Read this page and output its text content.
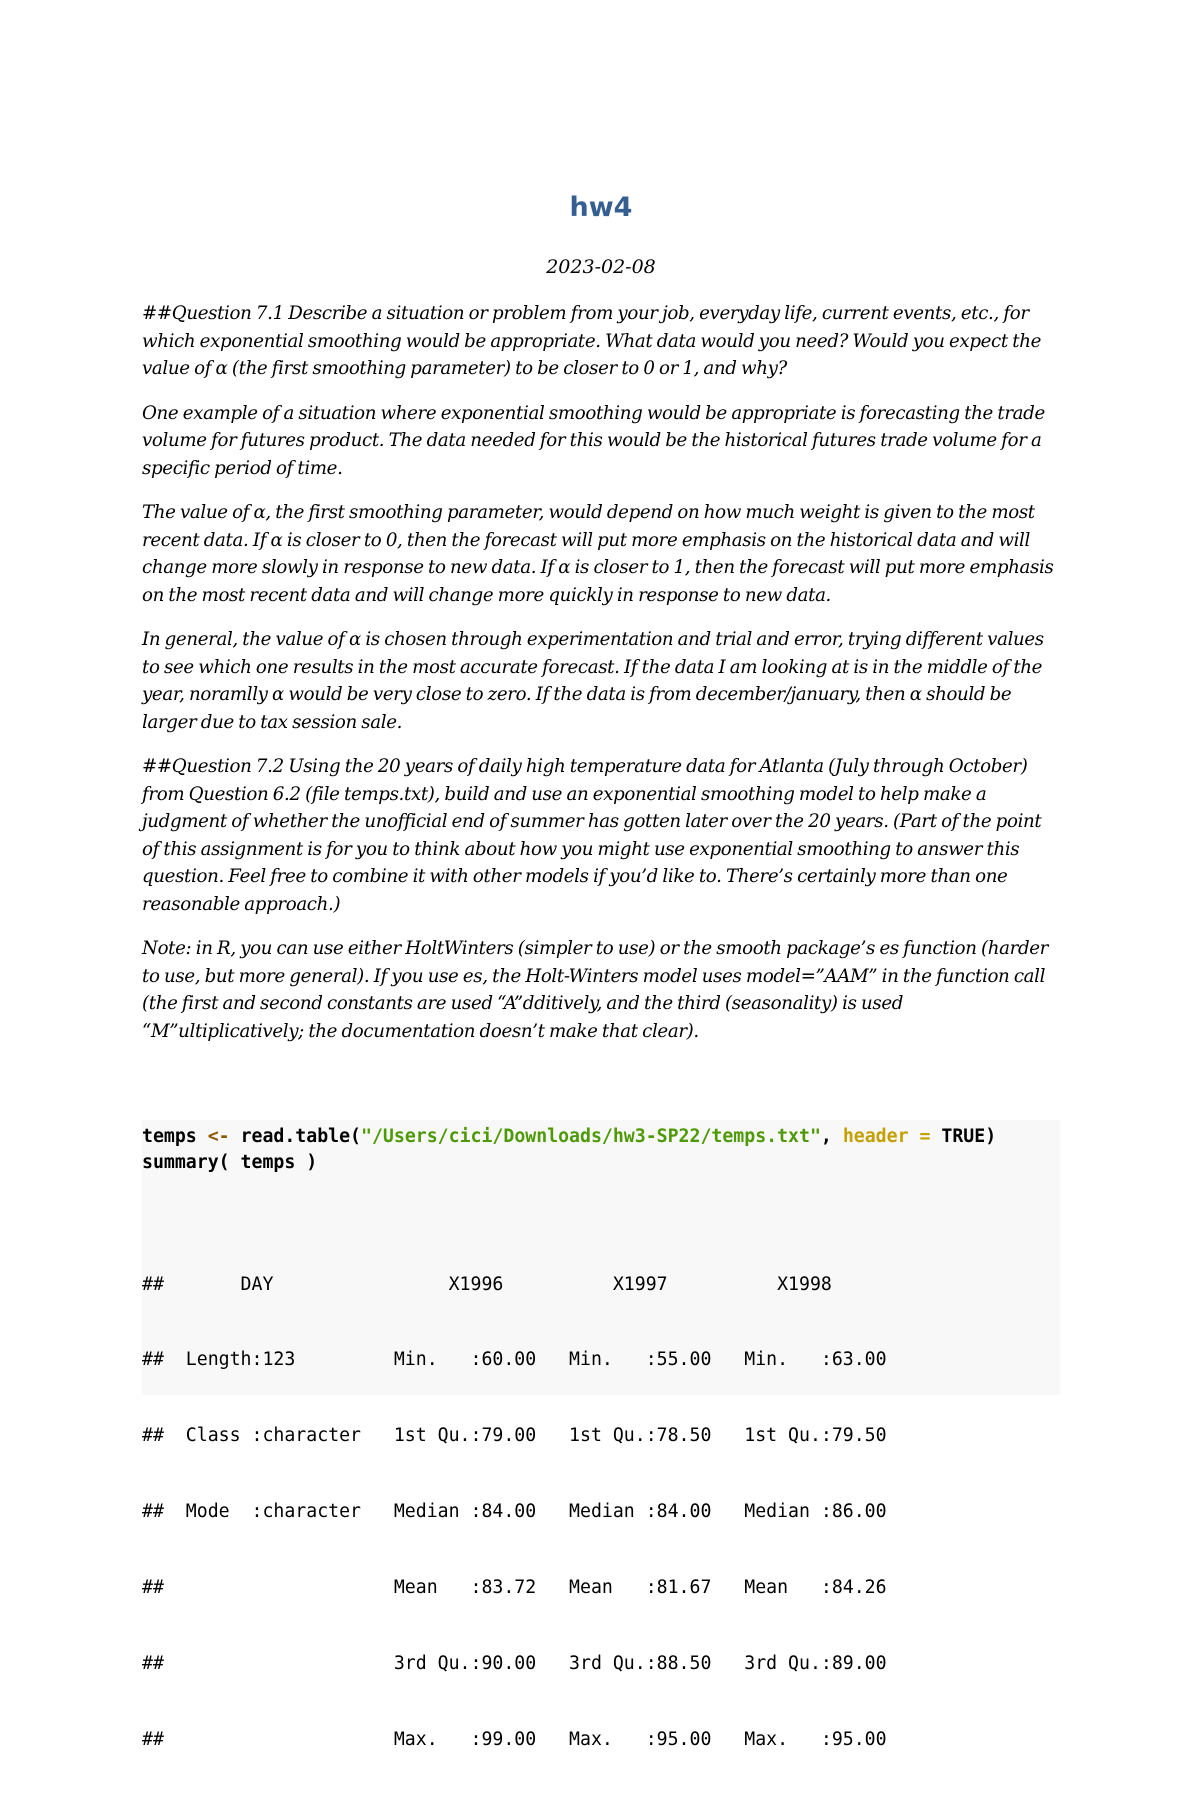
hw4
2023-02-08

##Question 7.1 Describe a situation or problem from your job, everyday life, current events, etc., for which exponential smoothing would be appropriate. What data would you need? Would you expect the value of α (the first smoothing parameter) to be closer to 0 or 1, and why?

One example of a situation where exponential smoothing would be appropriate is forecasting the trade volume for futures product. The data needed for this would be the historical futures trade volume for a specific period of time.

The value of α, the first smoothing parameter, would depend on how much weight is given to the most recent data. If α is closer to 0, then the forecast will put more emphasis on the historical data and will change more slowly in response to new data. If α is closer to 1, then the forecast will put more emphasis on the most recent data and will change more quickly in response to new data.

In general, the value of α is chosen through experimentation and trial and error, trying different values to see which one results in the most accurate forecast. If the data I am looking at is in the middle of the year, noramlly α would be very close to zero. If the data is from december/january, then α should be larger due to tax session sale.

##Question 7.2 Using the 20 years of daily high temperature data for Atlanta (July through October) from Question 6.2 (file temps.txt), build and use an exponential smoothing model to help make a judgment of whether the unofficial end of summer has gotten later over the 20 years. (Part of the point of this assignment is for you to think about how you might use exponential smoothing to answer this question. Feel free to combine it with other models if you’d like to. There’s certainly more than one reasonable approach.)

Note: in R, you can use either HoltWinters (simpler to use) or the smooth package’s es function (harder to use, but more general). If you use es, the Holt-Winters model uses model=”AAM” in the function call (the first and second constants are used “A”dditively, and the third (seasonality) is used “M”ultiplicatively; the documentation doesn’t make that clear).

temps <- read.table("/Users/cici/Downloads/hw3-SP22/temps.txt", header = TRUE)
summary( temps )

##       DAY                X1996          X1997          X1998

##  Length:123         Min.   :60.00   Min.   :55.00   Min.   :63.00

##  Class :character   1st Qu.:79.00   1st Qu.:78.50   1st Qu.:79.50

##  Mode  :character   Median :84.00   Median :84.00   Median :86.00

##                     Mean   :83.72   Mean   :81.67   Mean   :84.26

##                     3rd Qu.:90.00   3rd Qu.:88.50   3rd Qu.:89.00

##                     Max.   :99.00   Max.   :95.00   Max.   :95.00
